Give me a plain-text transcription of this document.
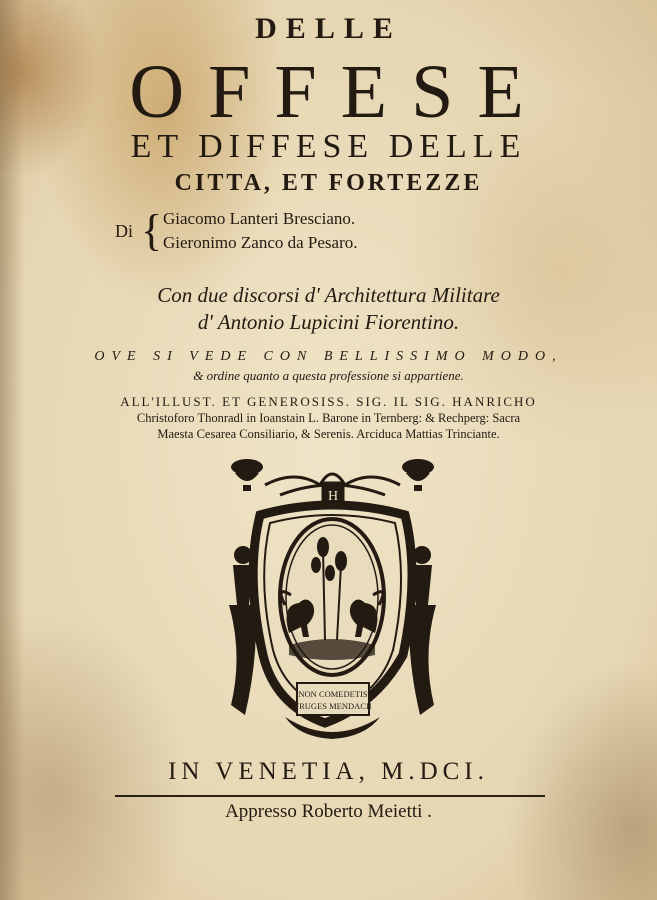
DELLE
OFFESE
ET DIFFESE DELLE
CITTA, ET FORTEZZE
Di { Giacomo Lanteri Bresciano.
Gieronimo Zanco da Pesaro.
Con due discorsi d' Architettura Militare
d' Antonio Lupicini Fiorentino.
OVE SI VEDE CON BELLISSIMO MODO,
& ordine quanto a questa professione si appartiene.
ALL'ILLUST. ET GENEROSISS. SIG. IL SIG. HANRICHO
Christoforo Thonradl in Ioanstain L. Barone in Ternberg: & Rechperg: Sacra
Maesta Cesarea Consiliario, & Serenis. Arciduca Mattias Trinciante.
H
NON COMEDETIS
FRUGES MENDACII
IN VENETIA, M.DCI.
Appresso Roberto Meietti .
